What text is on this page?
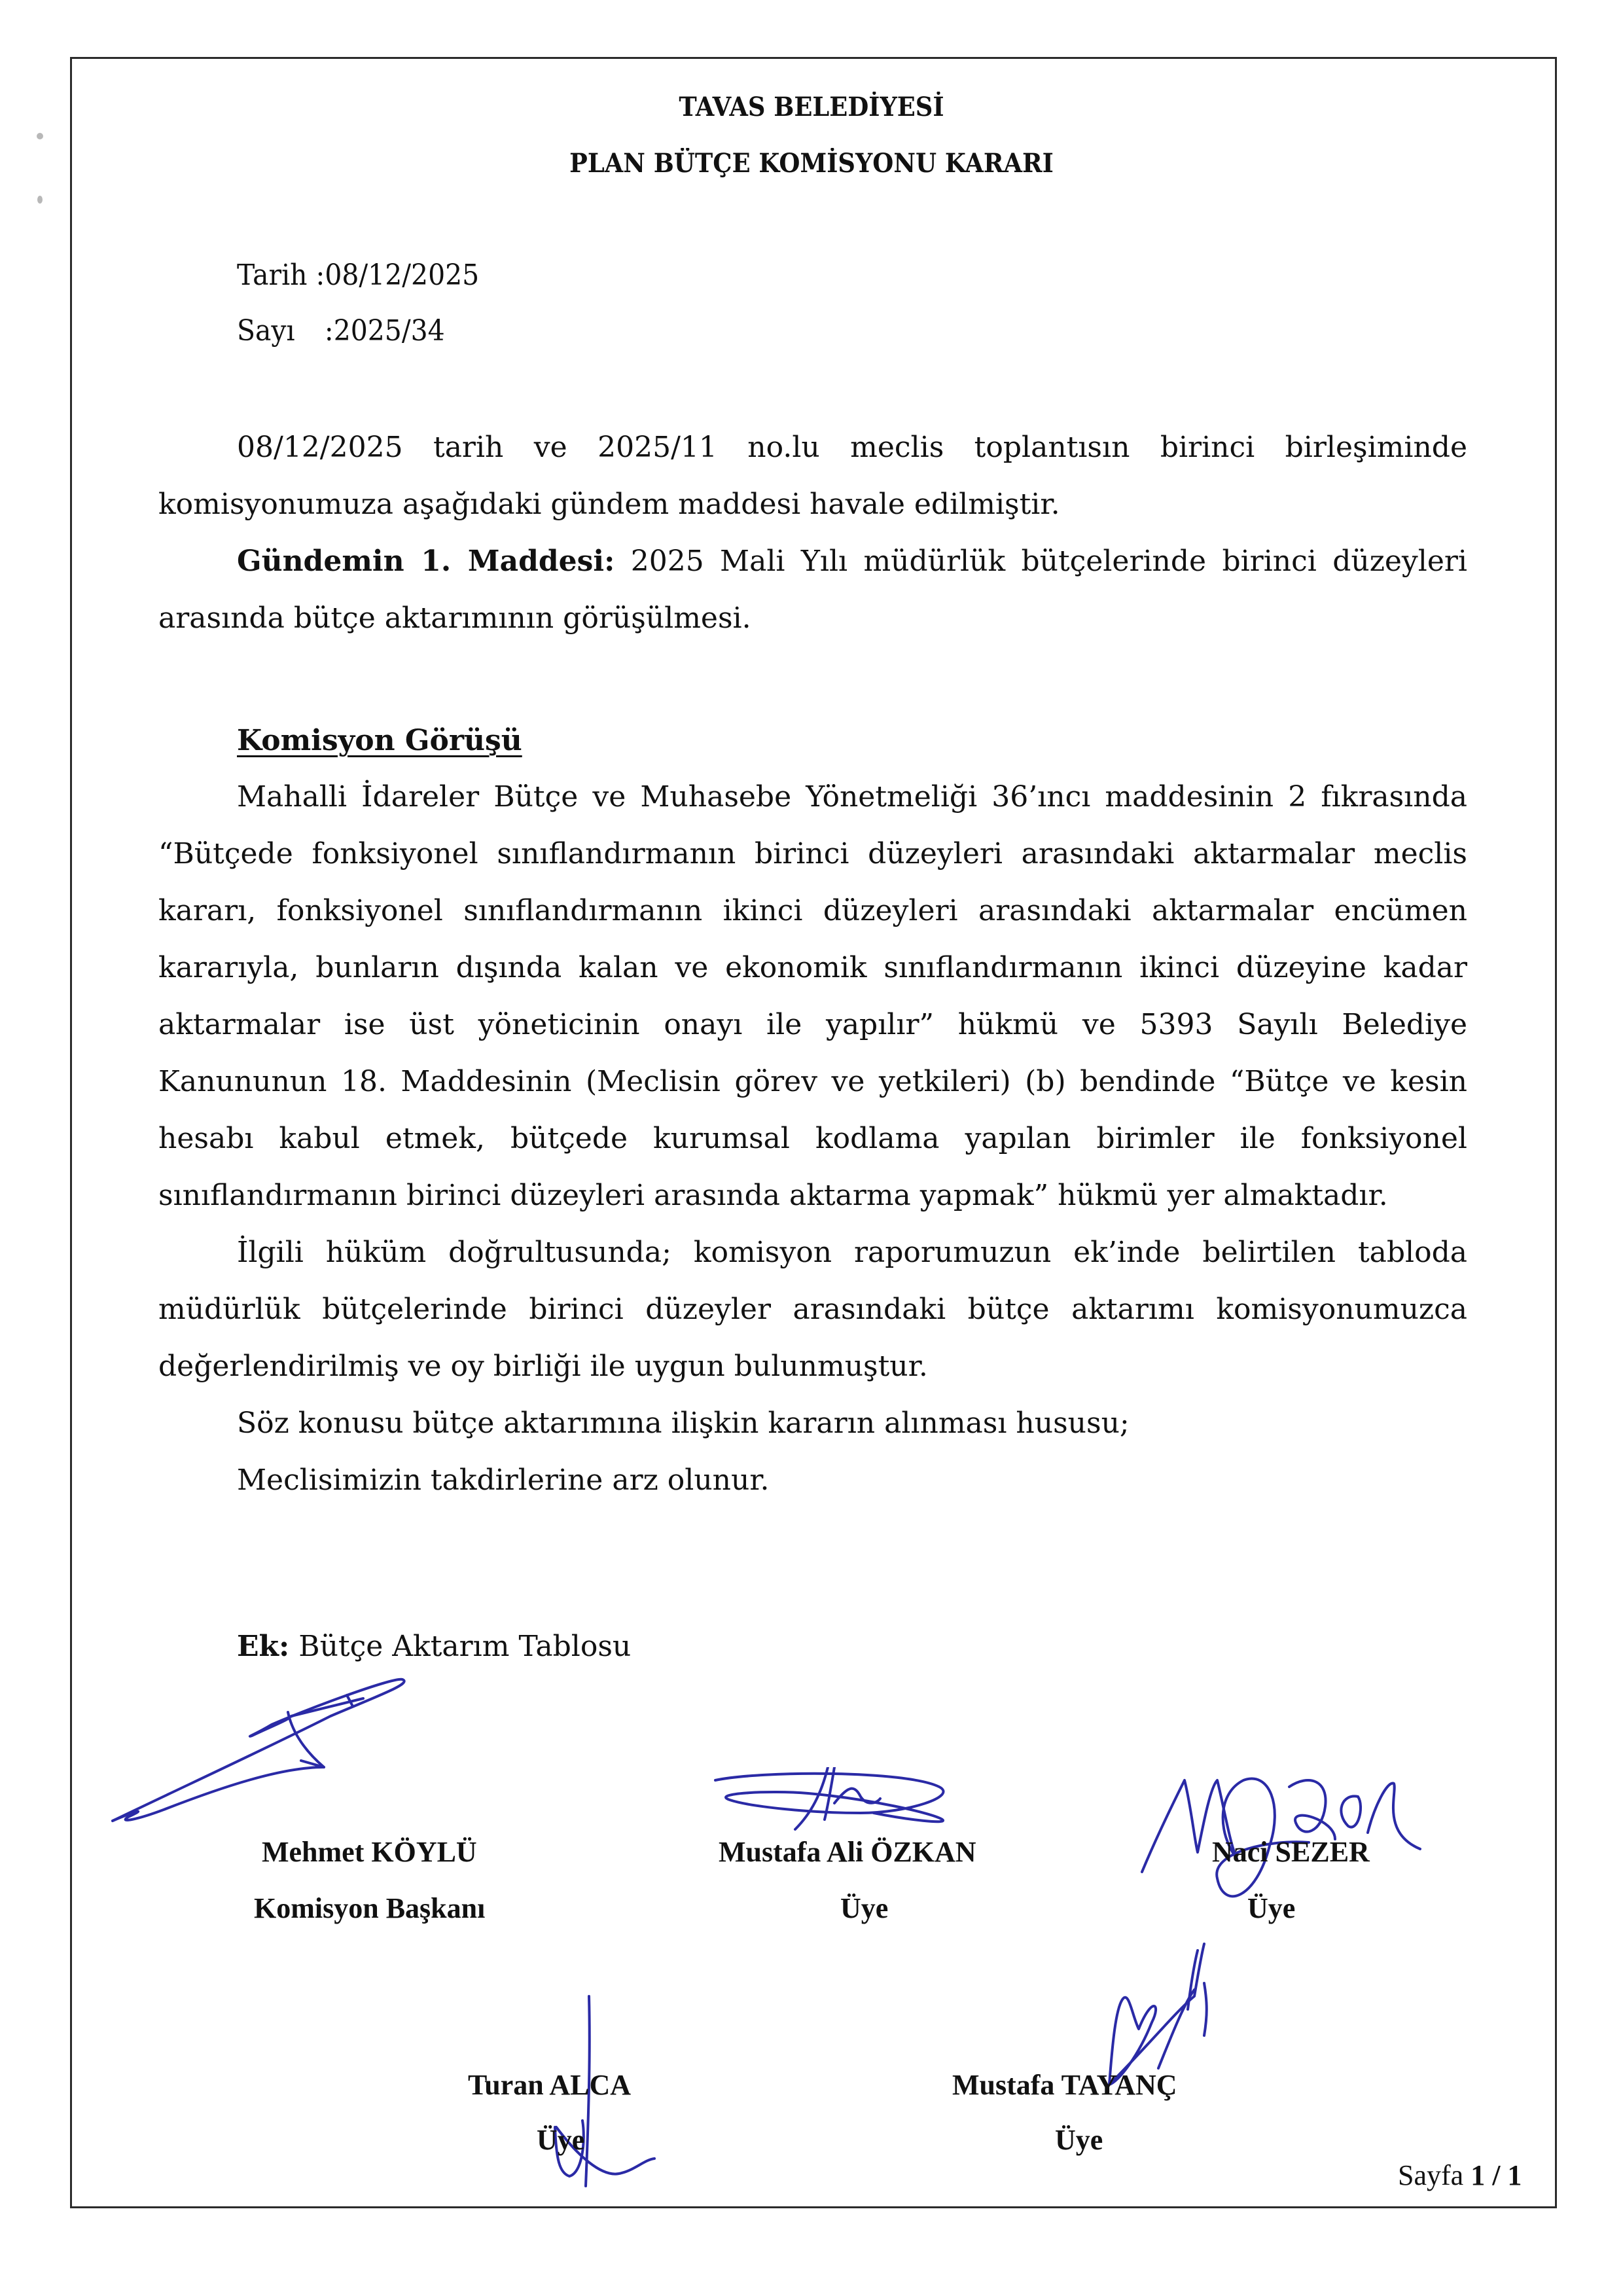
TAVAS BELEDİYESİ
PLAN BÜTÇE KOMİSYONU KARARI
Tarih :08/12/2025
Sayı :2025/34

08/12/2025 tarih ve 2025/11 no.lu meclis toplantısın birinci birleşiminde komisyonumuza aşağıdaki gündem maddesi havale edilmiştir.

Gündemin 1. Maddesi: 2025 Mali Yılı müdürlük bütçelerinde birinci düzeyleri arasında bütçe aktarımının görüşülmesi.

Komisyon Görüşü

Mahalli İdareler Bütçe ve Muhasebe Yönetmeliği 36’ıncı maddesinin 2 fıkrasında “Bütçede fonksiyonel sınıflandırmanın birinci düzeyleri arasındaki aktarmalar meclis kararı, fonksiyonel sınıflandırmanın ikinci düzeyleri arasındaki aktarmalar encümen kararıyla, bunların dışında kalan ve ekonomik sınıflandırmanın ikinci düzeyine kadar aktarmalar ise üst yöneticinin onayı ile yapılır” hükmü ve 5393 Sayılı Belediye Kanununun 18. Maddesinin (Meclisin görev ve yetkileri) (b) bendinde “Bütçe ve kesin hesabı kabul etmek, bütçede kurumsal kodlama yapılan birimler ile fonksiyonel sınıflandırmanın birinci düzeyleri arasında aktarma yapmak” hükmü yer almaktadır.

İlgili hüküm doğrultusunda; komisyon raporumuzun ek’inde belirtilen tabloda müdürlük bütçelerinde birinci düzeyler arasındaki bütçe aktarımı komisyonumuzca değerlendirilmiş ve oy birliği ile uygun bulunmuştur.

Söz konusu bütçe aktarımına ilişkin kararın alınması hususu;

Meclisimizin takdirlerine arz olunur.

Ek: Bütçe Aktarım Tablosu
Mehmet KÖYLÜ
Komisyon Başkanı
Mustafa Ali ÖZKAN
Üye
Naci SEZER
Üye
Turan ALCA
Üye
Mustafa TAYANÇ
Üye
Sayfa 1 / 1
